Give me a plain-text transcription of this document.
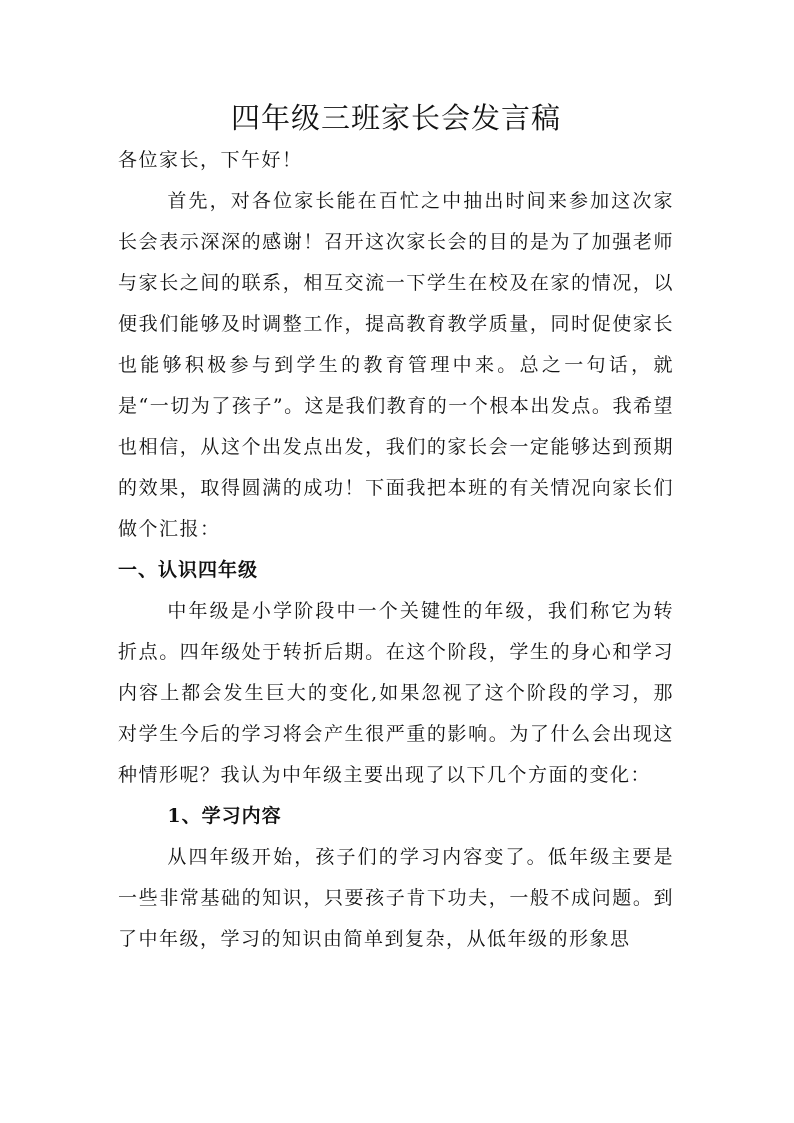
四年级三班家长会发言稿

各位家长，下午好！

首先，对各位家长能在百忙之中抽出时间来参加这次家长会表示深深的感谢！召开这次家长会的目的是为了加强老师与家长之间的联系，相互交流一下学生在校及在家的情况，以便我们能够及时调整工作，提高教育教学质量，同时促使家长也能够积极参与到学生的教育管理中来。总之一句话，就是“一切为了孩子”。这是我们教育的一个根本出发点。我希望也相信，从这个出发点出发，我们的家长会一定能够达到预期的效果，取得圆满的成功！下面我把本班的有关情况向家长们做个汇报：

一、认识四年级

中年级是小学阶段中一个关键性的年级，我们称它为转折点。四年级处于转折后期。在这个阶段，学生的身心和学习内容上都会发生巨大的变化,如果忽视了这个阶段的学习，那对学生今后的学习将会产生很严重的影响。为了什么会出现这种情形呢？我认为中年级主要出现了以下几个方面的变化：

1、学习内容

从四年级开始，孩子们的学习内容变了。低年级主要是一些非常基础的知识，只要孩子肯下功夫，一般不成问题。到了中年级，学习的知识由简单到复杂，从低年级的形象思
